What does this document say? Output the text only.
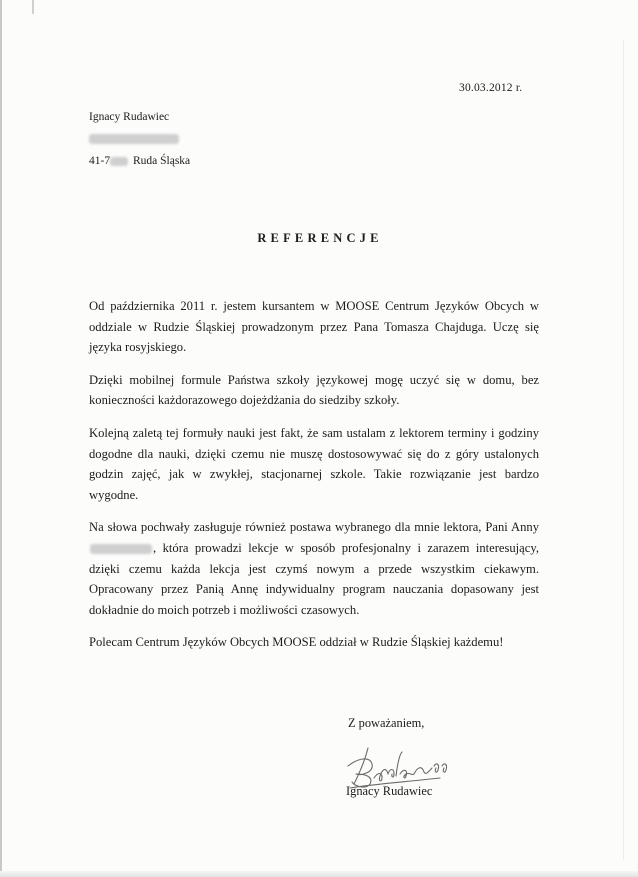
30.03.2012 r.
Ignacy Rudawiec
41-7 Ruda Śląska
REFERENCJE

Od października 2011 r. jestem kursantem w MOOSE Centrum Języków Obcych w oddziale w Rudzie Śląskiej prowadzonym przez Pana Tomasza Chajduga. Uczę się języka rosyjskiego.

Dzięki mobilnej formule Państwa szkoły językowej mogę uczyć się w domu, bez konieczności każdorazowego dojeżdżania do siedziby szkoły.

Kolejną zaletą tej formuły nauki jest fakt, że sam ustalam z lektorem terminy i godziny dogodne dla nauki, dzięki czemu nie muszę dostosowywać się do z góry ustalonych godzin zajęć, jak w zwykłej, stacjonarnej szkole. Takie rozwiązanie jest bardzo wygodne.

Na słowa pochwały zasługuje również postawa wybranego dla mnie lektora, Pani Anny , która prowadzi lekcje w sposób profesjonalny i zarazem interesujący, dzięki czemu każda lekcja jest czymś nowym a przede wszystkim ciekawym. Opracowany przez Panią Annę indywidualny program nauczania dopasowany jest dokładnie do moich potrzeb i możliwości czasowych.

Polecam Centrum Języków Obcych MOOSE oddział w Rudzie Śląskiej każdemu!

Z poważaniem,
Ignacy Rudawiec
